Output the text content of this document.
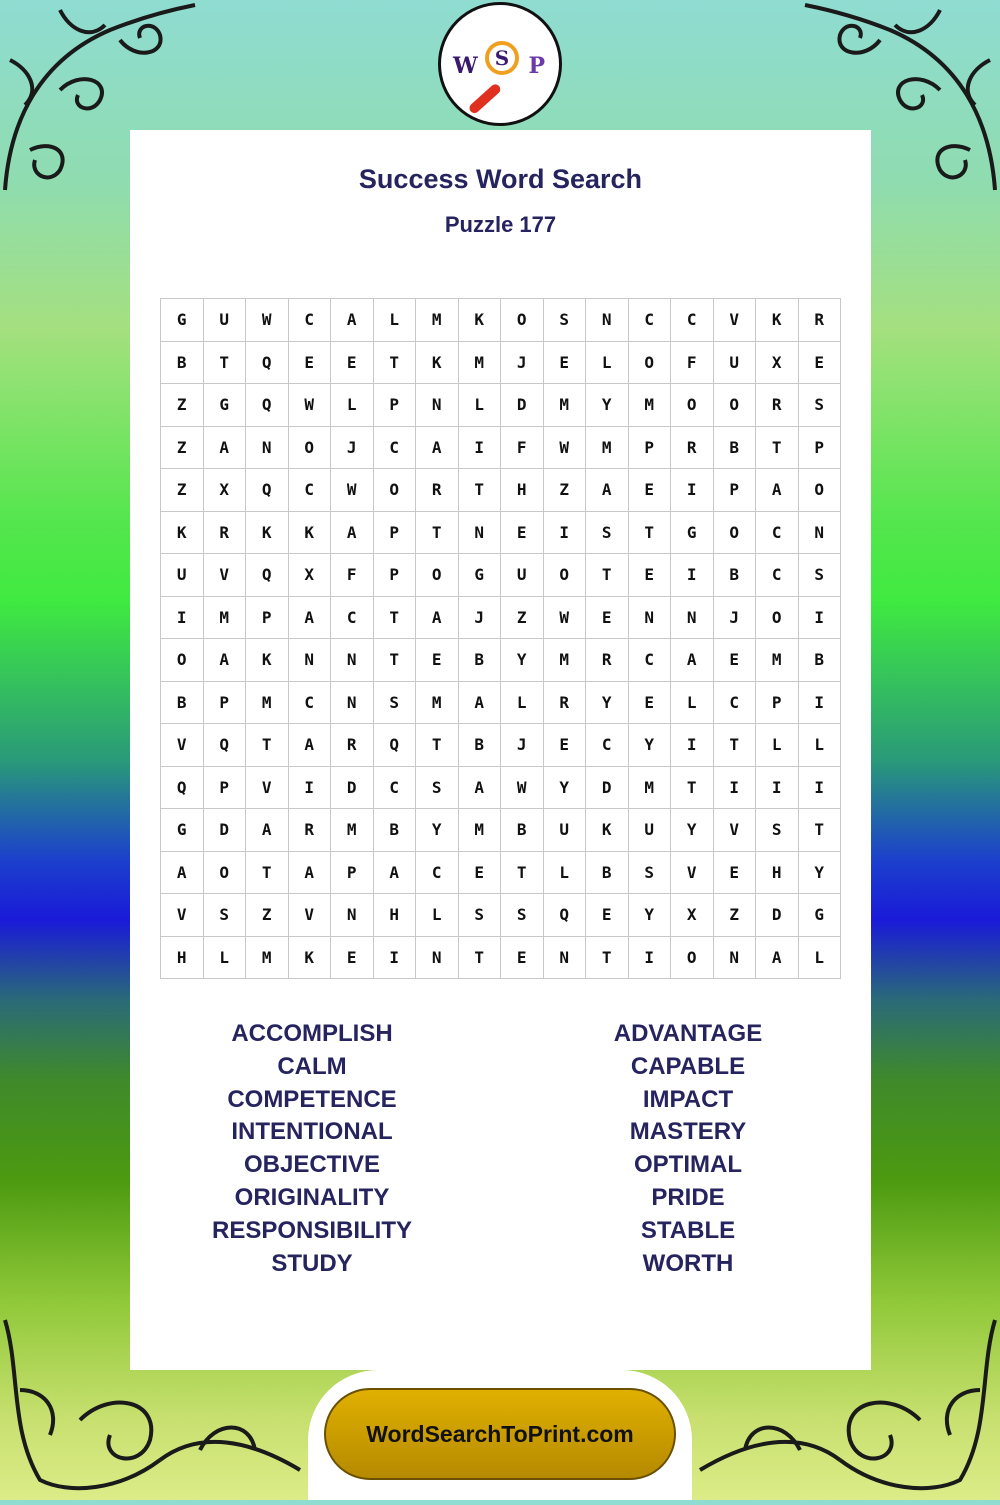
W S P
Success Word Search
Puzzle 177
G	U	W	C	A	L	M	K	O	S	N	C	C	V	K	R
B	T	Q	E	E	T	K	M	J	E	L	O	F	U	X	E
Z	G	Q	W	L	P	N	L	D	M	Y	M	O	O	R	S
Z	A	N	O	J	C	A	I	F	W	M	P	R	B	T	P
Z	X	Q	C	W	O	R	T	H	Z	A	E	I	P	A	O
K	R	K	K	A	P	T	N	E	I	S	T	G	O	C	N
U	V	Q	X	F	P	O	G	U	O	T	E	I	B	C	S
I	M	P	A	C	T	A	J	Z	W	E	N	N	J	O	I
O	A	K	N	N	T	E	B	Y	M	R	C	A	E	M	B
B	P	M	C	N	S	M	A	L	R	Y	E	L	C	P	I
V	Q	T	A	R	Q	T	B	J	E	C	Y	I	T	L	L
Q	P	V	I	D	C	S	A	W	Y	D	M	T	I	I	I
G	D	A	R	M	B	Y	M	B	U	K	U	Y	V	S	T
A	O	T	A	P	A	C	E	T	L	B	S	V	E	H	Y
V	S	Z	V	N	H	L	S	S	Q	E	Y	X	Z	D	G
H	L	M	K	E	I	N	T	E	N	T	I	O	N	A	L
ACCOMPLISH
CALM
COMPETENCE
INTENTIONAL
OBJECTIVE
ORIGINALITY
RESPONSIBILITY
STUDY
ADVANTAGE
CAPABLE
IMPACT
MASTERY
OPTIMAL
PRIDE
STABLE
WORTH
WordSearchToPrint.com
